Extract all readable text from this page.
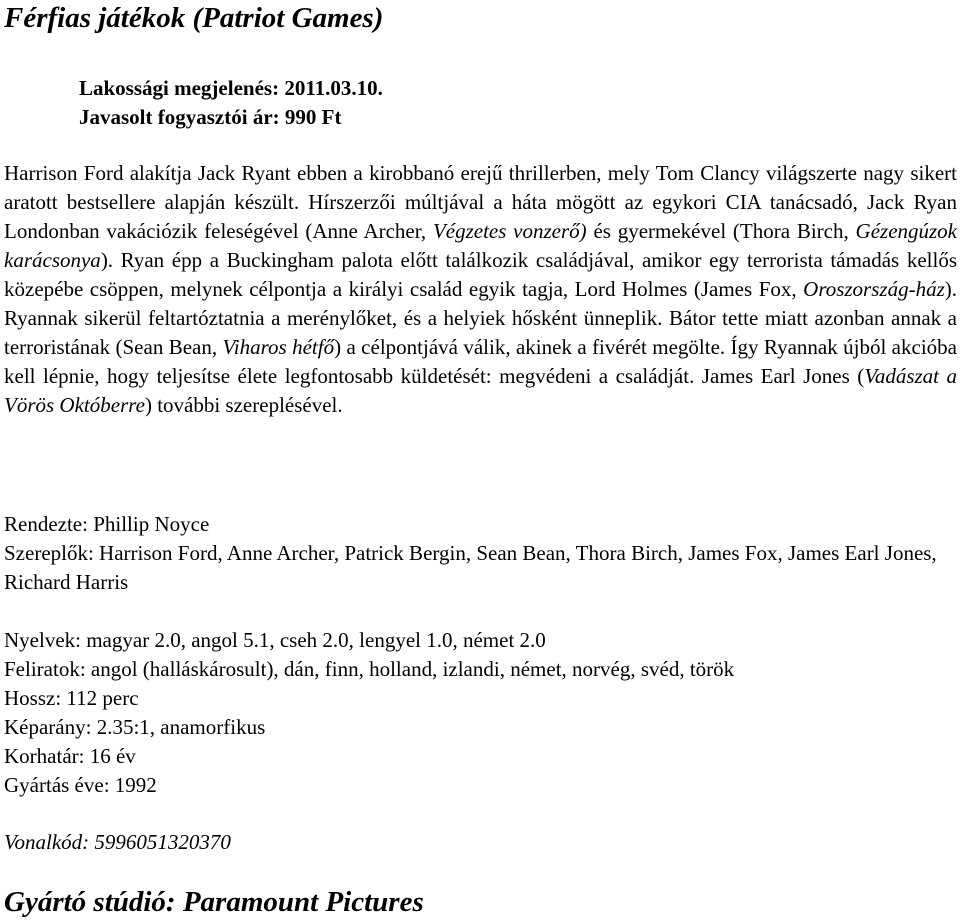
Férfias játékok (Patriot Games)
Lakossági megjelenés: 2011.03.10.
Javasolt fogyasztói ár: 990 Ft

Harrison Ford alakítja Jack Ryant ebben a kirobbanó erejű thrillerben, mely Tom Clancy világszerte nagy sikert aratott bestsellere alapján készült. Hírszerzői múltjával a háta mögött az egykori CIA tanácsadó, Jack Ryan Londonban vakációzik feleségével (Anne Archer, Végzetes vonzerő) és gyermekével (Thora Birch, Gézengúzok karácsonya). Ryan épp a Buckingham palota előtt találkozik családjával, amikor egy terrorista támadás kellős közepébe csöppen, melynek célpontja a királyi család egyik tagja, Lord Holmes (James Fox, Oroszország-ház). Ryannak sikerül feltartóztatnia a merénylőket, és a helyiek hősként ünneplik. Bátor tette miatt azonban annak a terroristának (Sean Bean, Viharos hétfő) a célpontjává válik, akinek a fivérét megölte. Így Ryannak újból akcióba kell lépnie, hogy teljesítse élete legfontosabb küldetését: megvédeni a családját. James Earl Jones (Vadászat a Vörös Októberre) további szereplésével.

Rendezte: Phillip Noyce
Szereplők: Harrison Ford, Anne Archer, Patrick Bergin, Sean Bean, Thora Birch, James Fox, James Earl Jones, Richard Harris
Nyelvek: magyar 2.0, angol 5.1, cseh 2.0, lengyel 1.0, német 2.0
Feliratok: angol (halláskárosult), dán, finn, holland, izlandi, német, norvég, svéd, török
Hossz: 112 perc
Képarány: 2.35:1, anamorfikus
Korhatár: 16 év
Gyártás éve: 1992
Vonalkód: 5996051320370
Gyártó stúdió: Paramount Pictures
